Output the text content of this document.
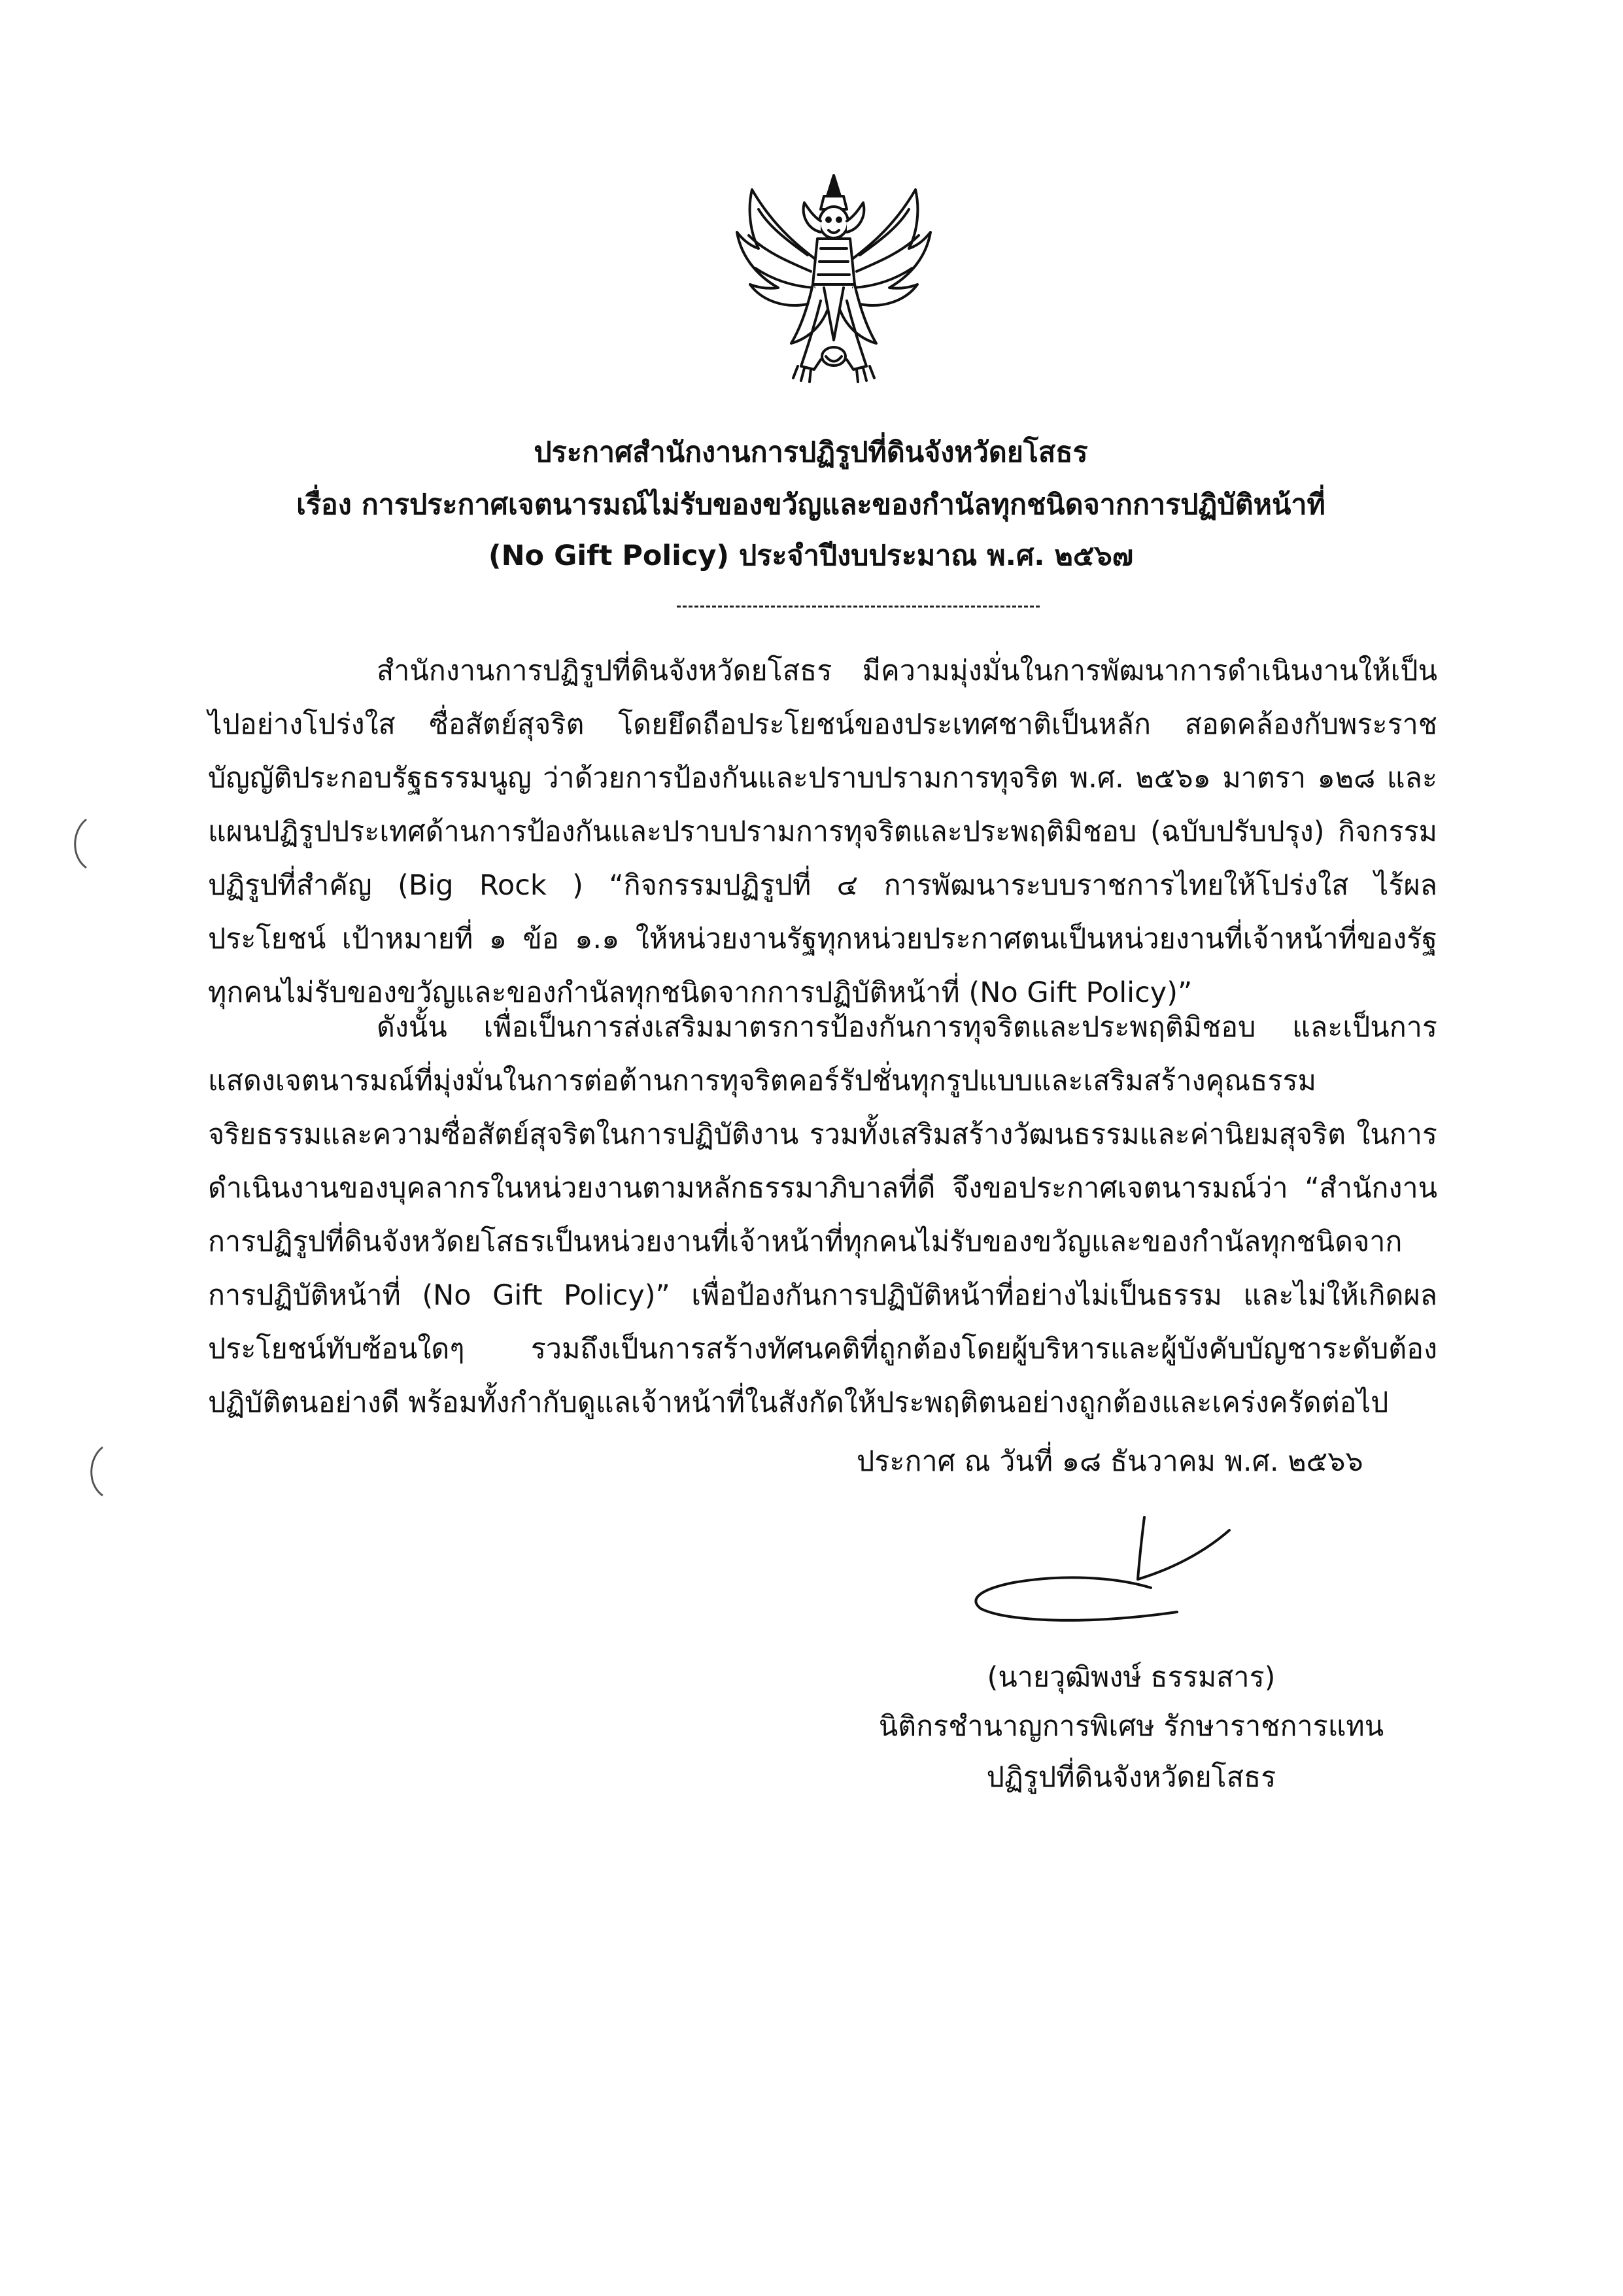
ประกาศสำนักงานการปฏิรูปที่ดินจังหวัดยโสธร
เรื่อง การประกาศเจตนารมณ์ไม่รับของขวัญและของกำนัลทุกชนิดจากการปฏิบัติหน้าที่
(No Gift Policy) ประจำปีงบประมาณ พ.ศ. ๒๕๖๗
สำนักงานการปฏิรูปที่ดินจังหวัดยโสธร มีความมุ่งมั่นในการพัฒนาการดำเนินงานให้เป็นไปอย่างโปร่งใส ซื่อสัตย์สุจริต โดยยึดถือประโยชน์ของประเทศชาติเป็นหลัก สอดคล้องกับพระราชบัญญัติประกอบรัฐธรรมนูญ ว่าด้วยการป้องกันและปราบปรามการทุจริต พ.ศ. ๒๕๖๑ มาตรา ๑๒๘ และแผนปฏิรูปประเทศด้านการป้องกันและปราบปรามการทุจริตและประพฤติมิชอบ (ฉบับปรับปรุง) กิจกรรมปฏิรูปที่สำคัญ (Big Rock ) “กิจกรรมปฏิรูปที่ ๔ การพัฒนาระบบราชการไทยให้โปร่งใส ไร้ผลประโยชน์ เป้าหมายที่ ๑ ข้อ ๑.๑ ให้หน่วยงานรัฐทุกหน่วยประกาศตนเป็นหน่วยงานที่เจ้าหน้าที่ของรัฐทุกคนไม่รับของขวัญและของกำนัลทุกชนิดจากการปฏิบัติหน้าที่ (No Gift Policy)”
ดังนั้น เพื่อเป็นการส่งเสริมมาตรการป้องกันการทุจริตและประพฤติมิชอบ และเป็นการแสดงเจตนารมณ์ที่มุ่งมั่นในการต่อต้านการทุจริตคอร์รัปชั่นทุกรูปแบบและเสริมสร้างคุณธรรม จริยธรรมและความซื่อสัตย์สุจริตในการปฏิบัติงาน รวมทั้งเสริมสร้างวัฒนธรรมและค่านิยมสุจริต ในการดำเนินงานของบุคลากรในหน่วยงานตามหลักธรรมาภิบาลที่ดี จึงขอประกาศเจตนารมณ์ว่า “สำนักงานการปฏิรูปที่ดินจังหวัดยโสธรเป็นหน่วยงานที่เจ้าหน้าที่ทุกคนไม่รับของขวัญและของกำนัลทุกชนิดจากการปฏิบัติหน้าที่ (No Gift Policy)” เพื่อป้องกันการปฏิบัติหน้าที่อย่างไม่เป็นธรรม และไม่ให้เกิดผลประโยชน์ทับซ้อนใดๆ รวมถึงเป็นการสร้างทัศนคติที่ถูกต้องโดยผู้บริหารและผู้บังคับบัญชาระดับต้องปฏิบัติตนอย่างดี พร้อมทั้งกำกับดูแลเจ้าหน้าที่ในสังกัดให้ประพฤติตนอย่างถูกต้องและเคร่งครัดต่อไป
ประกาศ ณ วันที่ ๑๘ ธันวาคม พ.ศ. ๒๕๖๖
(นายวุฒิพงษ์ ธรรมสาร)
นิติกรชำนาญการพิเศษ รักษาราชการแทน
ปฏิรูปที่ดินจังหวัดยโสธร
